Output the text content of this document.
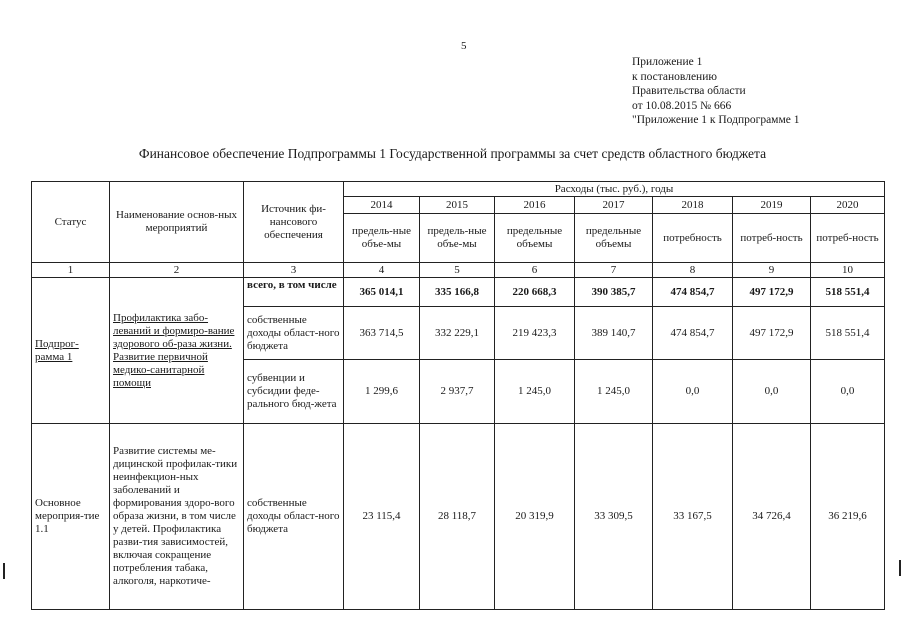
5
Приложение 1
к постановлению
Правительства области
от 10.08.2015 № 666
"Приложение 1 к Подпрограмме 1
Финансовое обеспечение Подпрограммы 1 Государственной программы за счет средств областного бюджета
Статус	Наименование основ-ных мероприятий	Источник фи-нансового обеспечения	Расходы (тыс. руб.), годы						
			2014	2015	2016	2017	2018	2019	2020
			предель-ные объе-мы	предель-ные объе-мы	предельные объемы	предельные объемы	потребность	потреб-ность	потреб-ность
1	2	3	4	5	6	7	8	9	10
Подпрог-рамма 1	Профилактика забо-леваний и формиро-вание здорового об-раза жизни. Развитие первичной медико-санитарной помощи	всего, в том числе	365 014,1	335 166,8	220 668,3	390 385,7	474 854,7	497 172,9	518 551,4
		собственные доходы област-ного бюджета	363 714,5	332 229,1	219 423,3	389 140,7	474 854,7	497 172,9	518 551,4
		субвенции и субсидии феде-рального бюд-жета	1 299,6	2 937,7	1 245,0	1 245,0	0,0	0,0	0,0
Основное мероприя-тие 1.1	Развитие системы ме-дицинской профилак-тики неинфекцион-ных заболеваний и формирования здоро-вого образа жизни, в том числе у детей. Профилактика разви-тия зависимостей, включая сокращение потребления табака, алкоголя, наркотиче-	собственные доходы област-ного бюджета	23 115,4	28 118,7	20 319,9	33 309,5	33 167,5	34 726,4	36 219,6
